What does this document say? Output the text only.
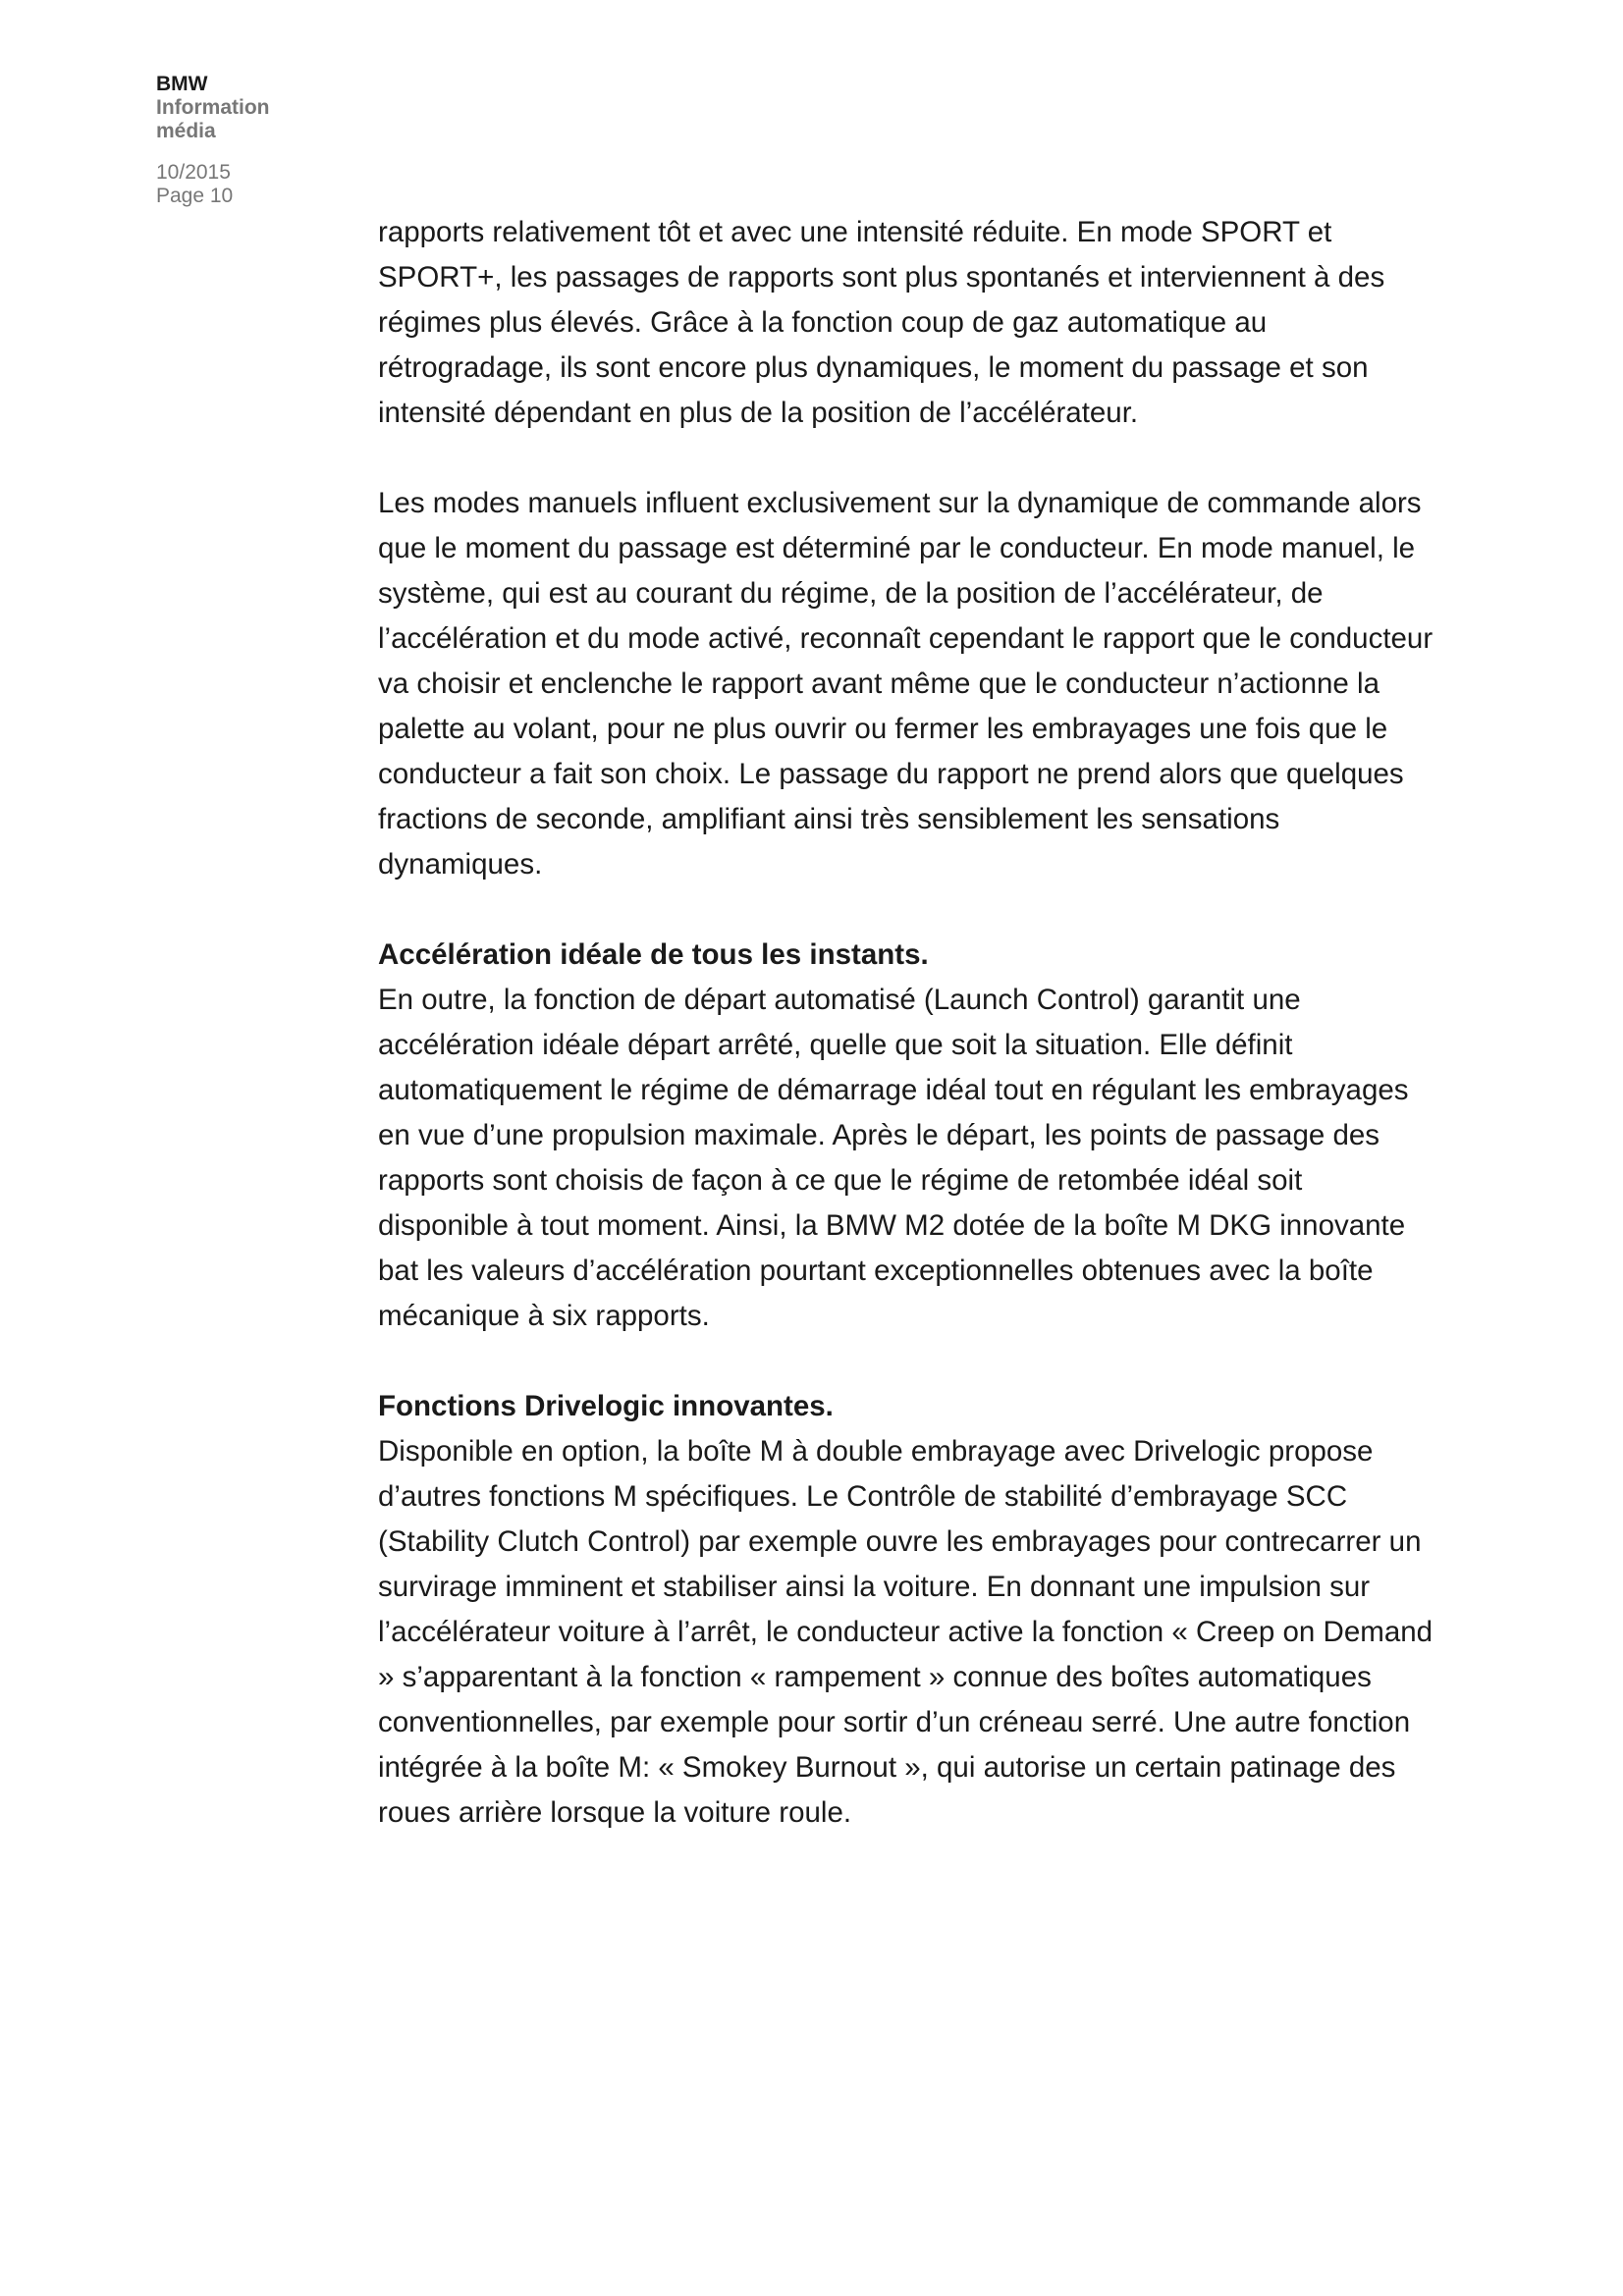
BMW
Information
média
10/2015
Page 10

rapports relativement tôt et avec une intensité réduite. En mode SPORT et SPORT+, les passages de rapports sont plus spontanés et interviennent à des régimes plus élevés. Grâce à la fonction coup de gaz automatique au rétrogradage, ils sont encore plus dynamiques, le moment du passage et son intensité dépendant en plus de la position de l’accélérateur.

Les modes manuels influent exclusivement sur la dynamique de commande alors que le moment du passage est déterminé par le conducteur. En mode manuel, le système, qui est au courant du régime, de la position de l’accélérateur, de l’accélération et du mode activé, reconnaît cependant le rapport que le conducteur va choisir et enclenche le rapport avant même que le conducteur n’actionne la palette au volant, pour ne plus ouvrir ou fermer les embrayages une fois que le conducteur a fait son choix. Le passage du rapport ne prend alors que quelques fractions de seconde, amplifiant ainsi très sensiblement les sensations dynamiques.

Accélération idéale de tous les instants.

En outre, la fonction de départ automatisé (Launch Control) garantit une accélération idéale départ arrêté, quelle que soit la situation. Elle définit automatiquement le régime de démarrage idéal tout en régulant les embrayages en vue d’une propulsion maximale. Après le départ, les points de passage des rapports sont choisis de façon à ce que le régime de retombée idéal soit disponible à tout moment. Ainsi, la BMW M2 dotée de la boîte M DKG innovante bat les valeurs d’accélération pourtant exceptionnelles obtenues avec la boîte mécanique à six rapports.

Fonctions Drivelogic innovantes.

Disponible en option, la boîte M à double embrayage avec Drivelogic propose d’autres fonctions M spécifiques. Le Contrôle de stabilité d’embrayage SCC (Stability Clutch Control) par exemple ouvre les embrayages pour contrecarrer un survirage imminent et stabiliser ainsi la voiture. En donnant une impulsion sur l’accélérateur voiture à l’arrêt, le conducteur active la fonction « Creep on Demand » s’apparentant à la fonction « rampement » connue des boîtes automatiques conventionnelles, par exemple pour sortir d’un créneau serré. Une autre fonction intégrée à la boîte M: « Smokey Burnout », qui autorise un certain patinage des roues arrière lorsque la voiture roule.
